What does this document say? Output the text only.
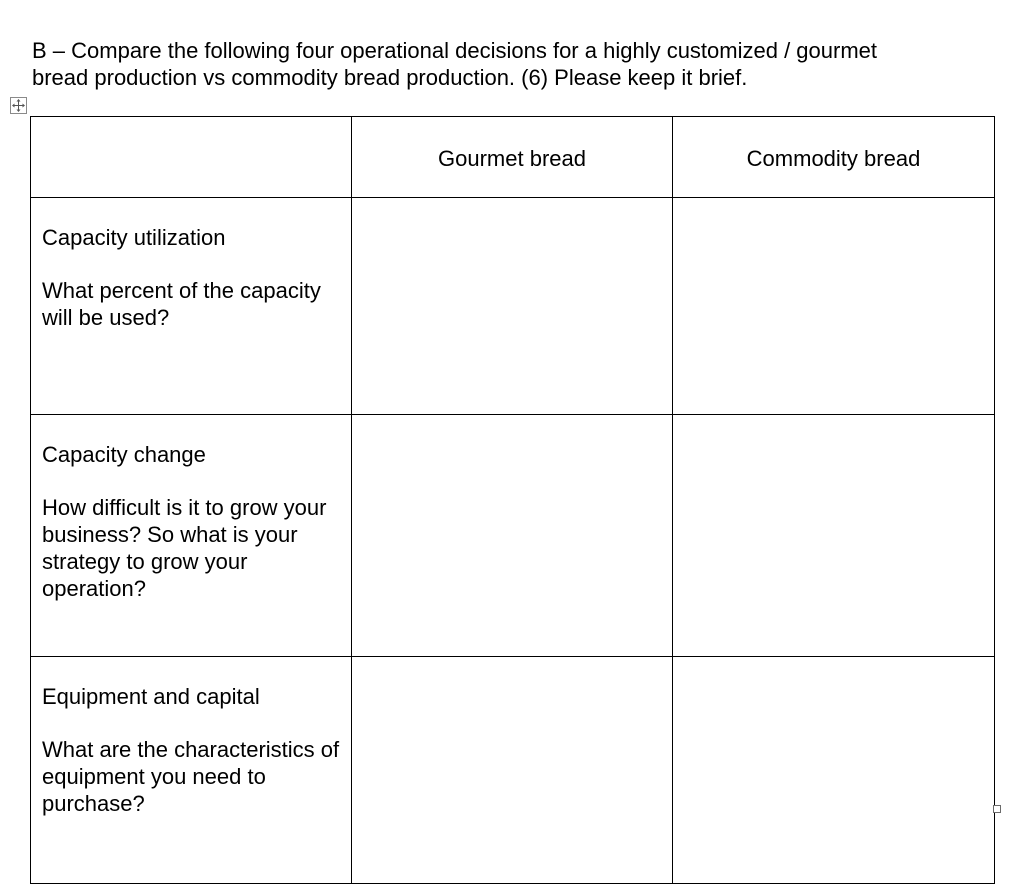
B – Compare the following four operational decisions for a highly customized / gourmet
bread production vs commodity bread production. (6) Please keep it brief.

	Gourmet bread	Commodity bread

Capacity utilization
What percent of the capacity will be used?		

Capacity change
How difficult is it to grow your business? So what is your strategy to grow your operation?		

Equipment and capital
What are the characteristics of equipment you need to purchase?		
